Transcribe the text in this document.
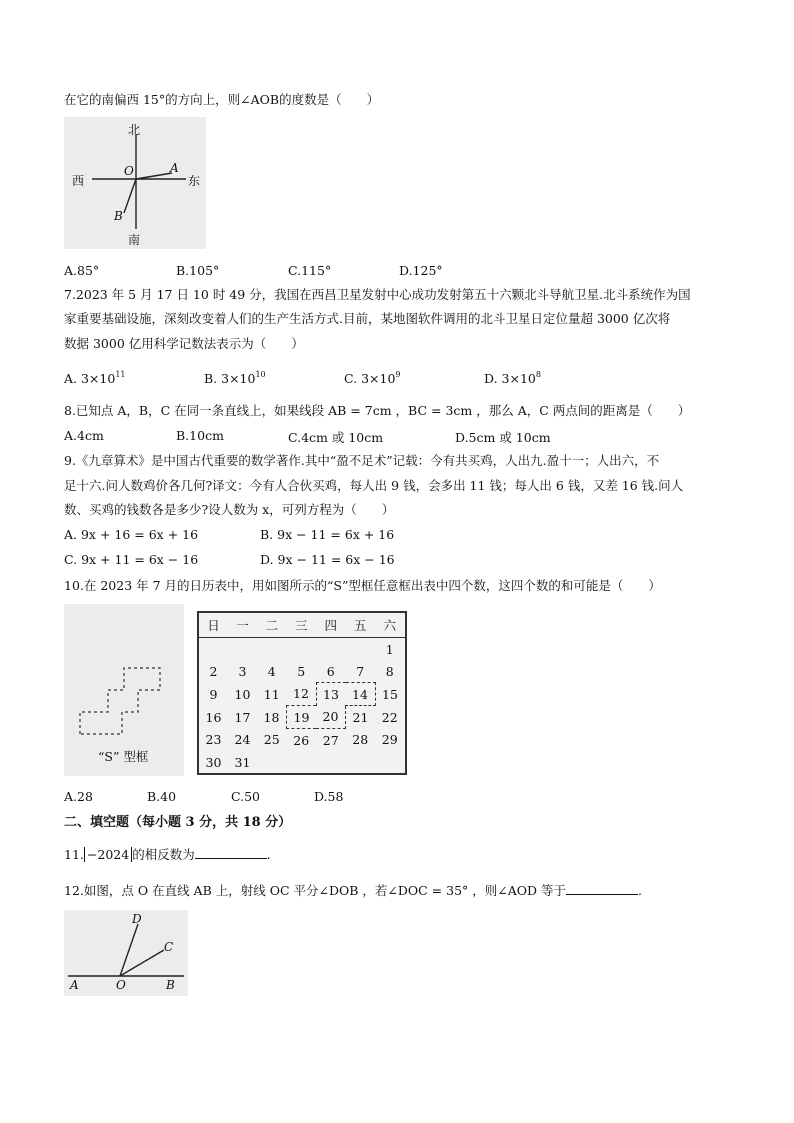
在它的南偏西 15°的方向上，则∠AOB的度数是（　　）
北
南
西	东
O	A
B
A.85°	B.105°	C.115°	D.125°
7.2023 年 5 月 17 日 10 时 49 分，我国在西昌卫星发射中心成功发射第五十六颗北斗导航卫星.北斗系统作为国
家重要基础设施，深刻改变着人们的生产生活方式.目前，某地图软件调用的北斗卫星日定位量超 3000 亿次将
数据 3000 亿用科学记数法表示为（　　）
A. $3\times 10^{11}$	B. $3\times 10^{10}$	C. $3\times 10^9$	D. $3\times 10^8$
8.已知点 A，B，C 在同一条直线上，如果线段 AB = 7cm ，BC = 3cm ，那么 A，C 两点间的距离是（　　）
A.4cm	B.10cm	C.4cm 或 10cm	D.5cm 或 10cm
9.《九章算术》是中国古代重要的数学著作.其中“盈不足术”记载：今有共买鸡，人出九.盈十一；人出六，不
足十六.问人数鸡价各几何?译文：今有人合伙买鸡，每人出 9 钱，会多出 11 钱；每人出 6 钱，又差 16 钱.问人
数、买鸡的钱数各是多少?设人数为 x，可列方程为（　　）
A. 9x + 16 = 6x + 16	B. 9x − 11 = 6x + 16
C. 9x + 11 = 6x − 16	D. 9x − 11 = 6x − 16
10.在 2023 年 7 月的日历表中，用如图所示的“S”型框任意框出表中四个数，这四个数的和可能是（　　）
“S” 型框
日	一	二	三	四	五	六
						1
2	3	4	5	6	7	8
9	10	11	12	13	14	15
16	17	18	19	20	21	22
23	24	25	26	27	28	29
30	31					
A.28	B.40	C.50	D.58
二、填空题（每小题 3 分，共 18 分）
11. −2024 的相反数为	.
12.如图，点 O 在直线 AB 上，射线 OC 平分∠DOB ，若∠DOC = 35° ，则∠AOD 等于	.
A	O	B
C
D
